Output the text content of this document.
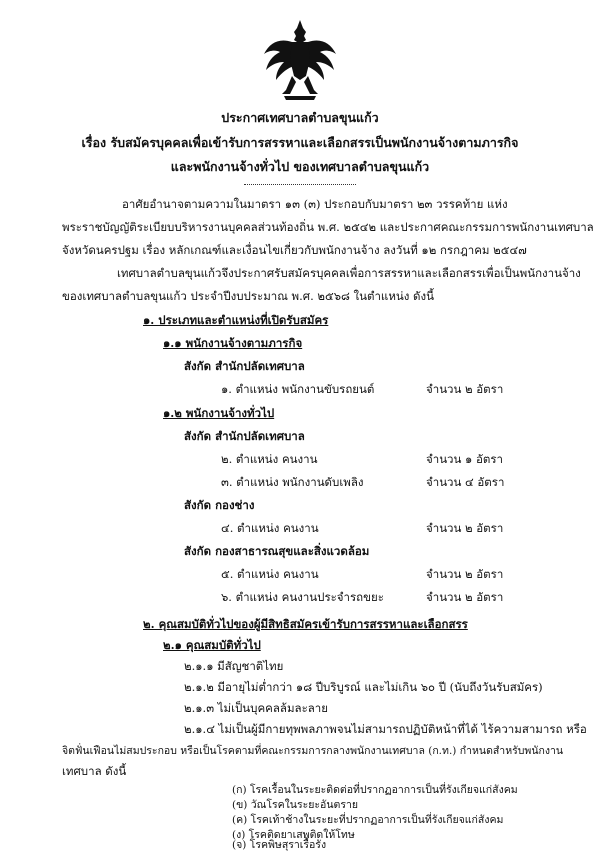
ประกาศเทศบาลตำบลขุนแก้ว
เรื่อง รับสมัครบุคคลเพื่อเข้ารับการสรรหาและเลือกสรรเป็นพนักงานจ้างตามภารกิจ
และพนักงานจ้างทั่วไป ของเทศบาลตำบลขุนแก้ว
อาศัยอำนาจตามความในมาตรา ๑๓ (๓) ประกอบกับมาตรา ๒๓ วรรคท้าย แห่ง
พระราชบัญญัติระเบียบบริหารงานบุคคลส่วนท้องถิ่น พ.ศ. ๒๕๔๒ และประกาศคณะกรรมการพนักงานเทศบาล
จังหวัดนครปฐม เรื่อง หลักเกณฑ์และเงื่อนไขเกี่ยวกับพนักงานจ้าง ลงวันที่ ๑๒ กรกฎาคม ๒๕๔๗
เทศบาลตำบลขุนแก้วจึงประกาศรับสมัครบุคคลเพื่อการสรรหาและเลือกสรรเพื่อเป็นพนักงานจ้าง
ของเทศบาลตำบลขุนแก้ว ประจำปีงบประมาณ พ.ศ. ๒๕๖๘ ในตำแหน่ง ดังนี้
๑. ประเภทและตำแหน่งที่เปิดรับสมัคร
๑.๑ พนักงานจ้างตามภารกิจ
สังกัด สำนักปลัดเทศบาล
๑. ตำแหน่ง พนักงานขับรถยนต์	จำนวน ๒ อัตรา
๑.๒ พนักงานจ้างทั่วไป
สังกัด สำนักปลัดเทศบาล
๒. ตำแหน่ง คนงาน	จำนวน ๑ อัตรา
๓. ตำแหน่ง พนักงานดับเพลิง	จำนวน ๔ อัตรา
สังกัด กองช่าง
๔. ตำแหน่ง คนงาน	จำนวน ๒ อัตรา
สังกัด กองสาธารณสุขและสิ่งแวดล้อม
๕. ตำแหน่ง คนงาน	จำนวน ๒ อัตรา
๖. ตำแหน่ง คนงานประจำรถขยะ	จำนวน ๒ อัตรา
๒. คุณสมบัติทั่วไปของผู้มีสิทธิสมัครเข้ารับการสรรหาและเลือกสรร
๒.๑ คุณสมบัติทั่วไป
๒.๑.๑ มีสัญชาติไทย
๒.๑.๒ มีอายุไม่ต่ำกว่า ๑๘ ปีบริบูรณ์ และไม่เกิน ๖๐ ปี (นับถึงวันรับสมัคร)
๒.๑.๓ ไม่เป็นบุคคลล้มละลาย
๒.๑.๔ ไม่เป็นผู้มีกายทุพพลภาพจนไม่สามารถปฏิบัติหน้าที่ได้ ไร้ความสามารถ หรือ
จิตฟั่นเฟือนไม่สมประกอบ หรือเป็นโรคตามที่คณะกรรมการกลางพนักงานเทศบาล (ก.ท.) กำหนดสำหรับพนักงาน
เทศบาล ดังนี้
(ก) โรคเรื้อนในระยะติดต่อที่ปรากฏอาการเป็นที่รังเกียจแก่สังคม
(ข) วัณโรคในระยะอันตราย
(ค) โรคเท้าช้างในระยะที่ปรากฏอาการเป็นที่รังเกียจแก่สังคม
(ง) โรคติดยาเสพติดให้โทษ
(จ) โรคพิษสุราเรื้อรัง
